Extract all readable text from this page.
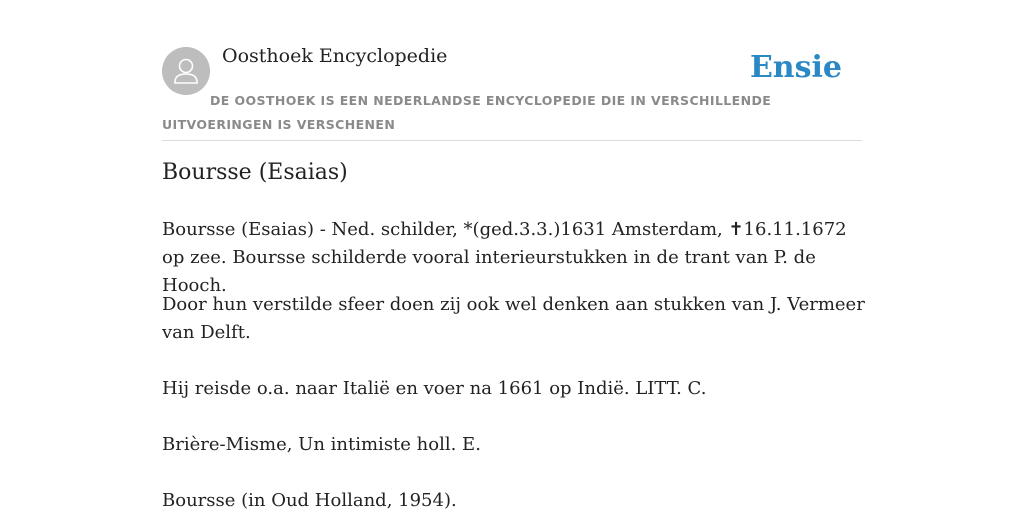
Oosthoek Encyclopedie	Ensie
DE OOSTHOEK IS EEN NEDERLANDSE ENCYCLOPEDIE DIE IN VERSCHILLENDE UITVOERINGEN IS VERSCHENEN
Boursse (Esaias)

Boursse (Esaias) - Ned. schilder, *(ged.3.3.)1631 Amsterdam, ✝16.11.1672 op zee. Boursse schilderde vooral interieurstukken in de trant van P. de Hooch.

Door hun verstilde sfeer doen zij ook wel denken aan stukken van J. Vermeer van Delft.

Hij reisde o.a. naar Italië en voer na 1661 op Indië. LITT. C.

Brière-Misme, Un intimiste holl. E.

Boursse (in Oud Holland, 1954).
